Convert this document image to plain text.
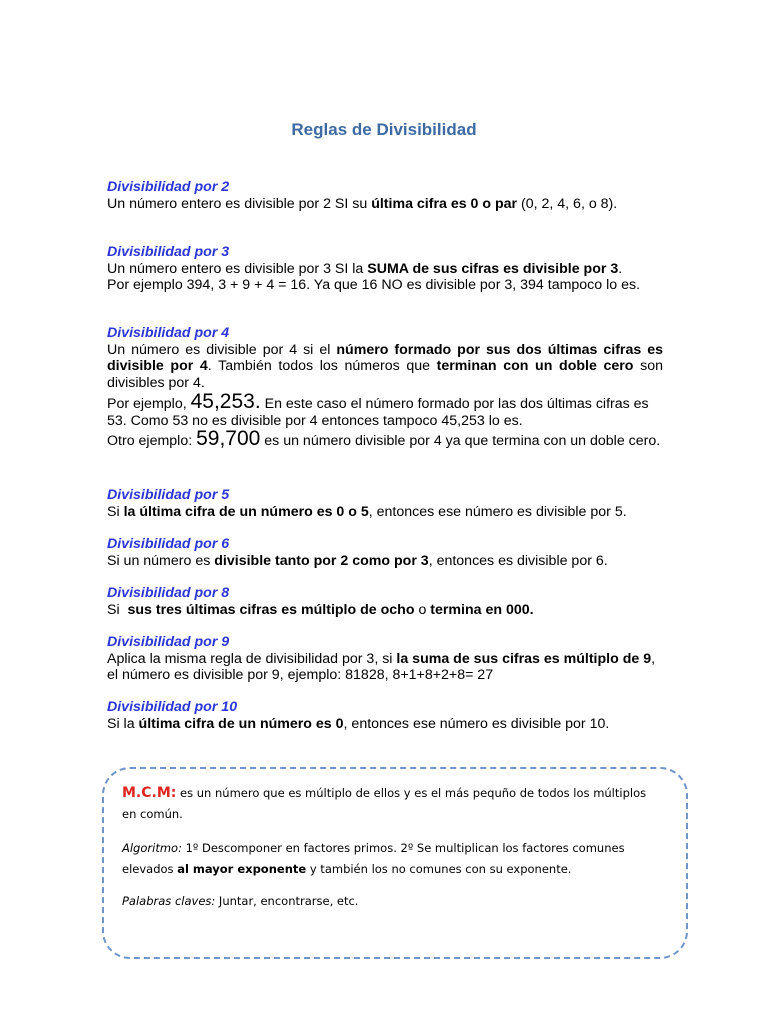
Reglas de Divisibilidad
Divisibilidad por 2

Un número entero es divisible por 2 SI su última cifra es 0 o par (0, 2, 4, 6, o 8).

Divisibilidad por 3

Un número entero es divisible por 3 SI la SUMA de sus cifras es divisible por 3.

Por ejemplo 394, 3 + 9 + 4 = 16. Ya que 16 NO es divisible por 3, 394 tampoco lo es.

Divisibilidad por 4

Un número es divisible por 4 si el número formado por sus dos últimas cifras es divisible por 4. También todos los números que terminan con un doble cero son divisibles por 4.

Por ejemplo, 45,253. En este caso el número formado por las dos últimas cifras es 53. Como 53 no es divisible por 4 entonces tampoco 45,253 lo es.

Otro ejemplo: 59,700 es un número divisible por 4 ya que termina con un doble cero.

Divisibilidad por 5

Si la última cifra de un número es 0 o 5, entonces ese número es divisible por 5.

Divisibilidad por 6

Si un número es divisible tanto por 2 como por 3, entonces es divisible por 6.

Divisibilidad por 8

Si  sus tres últimas cifras es múltiplo de ocho o termina en 000.

Divisibilidad por 9

Aplica la misma regla de divisibilidad por 3, si la suma de sus cifras es múltiplo de 9, el número es divisible por 9, ejemplo: 81828, 8+1+8+2+8= 27

Divisibilidad por 10

Si la última cifra de un número es 0, entonces ese número es divisible por 10.

M.C.M: es un número que es múltiplo de ellos y es el más pequño de todos los múltiplos en común.
Algoritmo: 1º Descomponer en factores primos. 2º Se multiplican los factores comunes elevados al mayor exponente y también los no comunes con su exponente.
Palabras claves: Juntar, encontrarse, etc.
